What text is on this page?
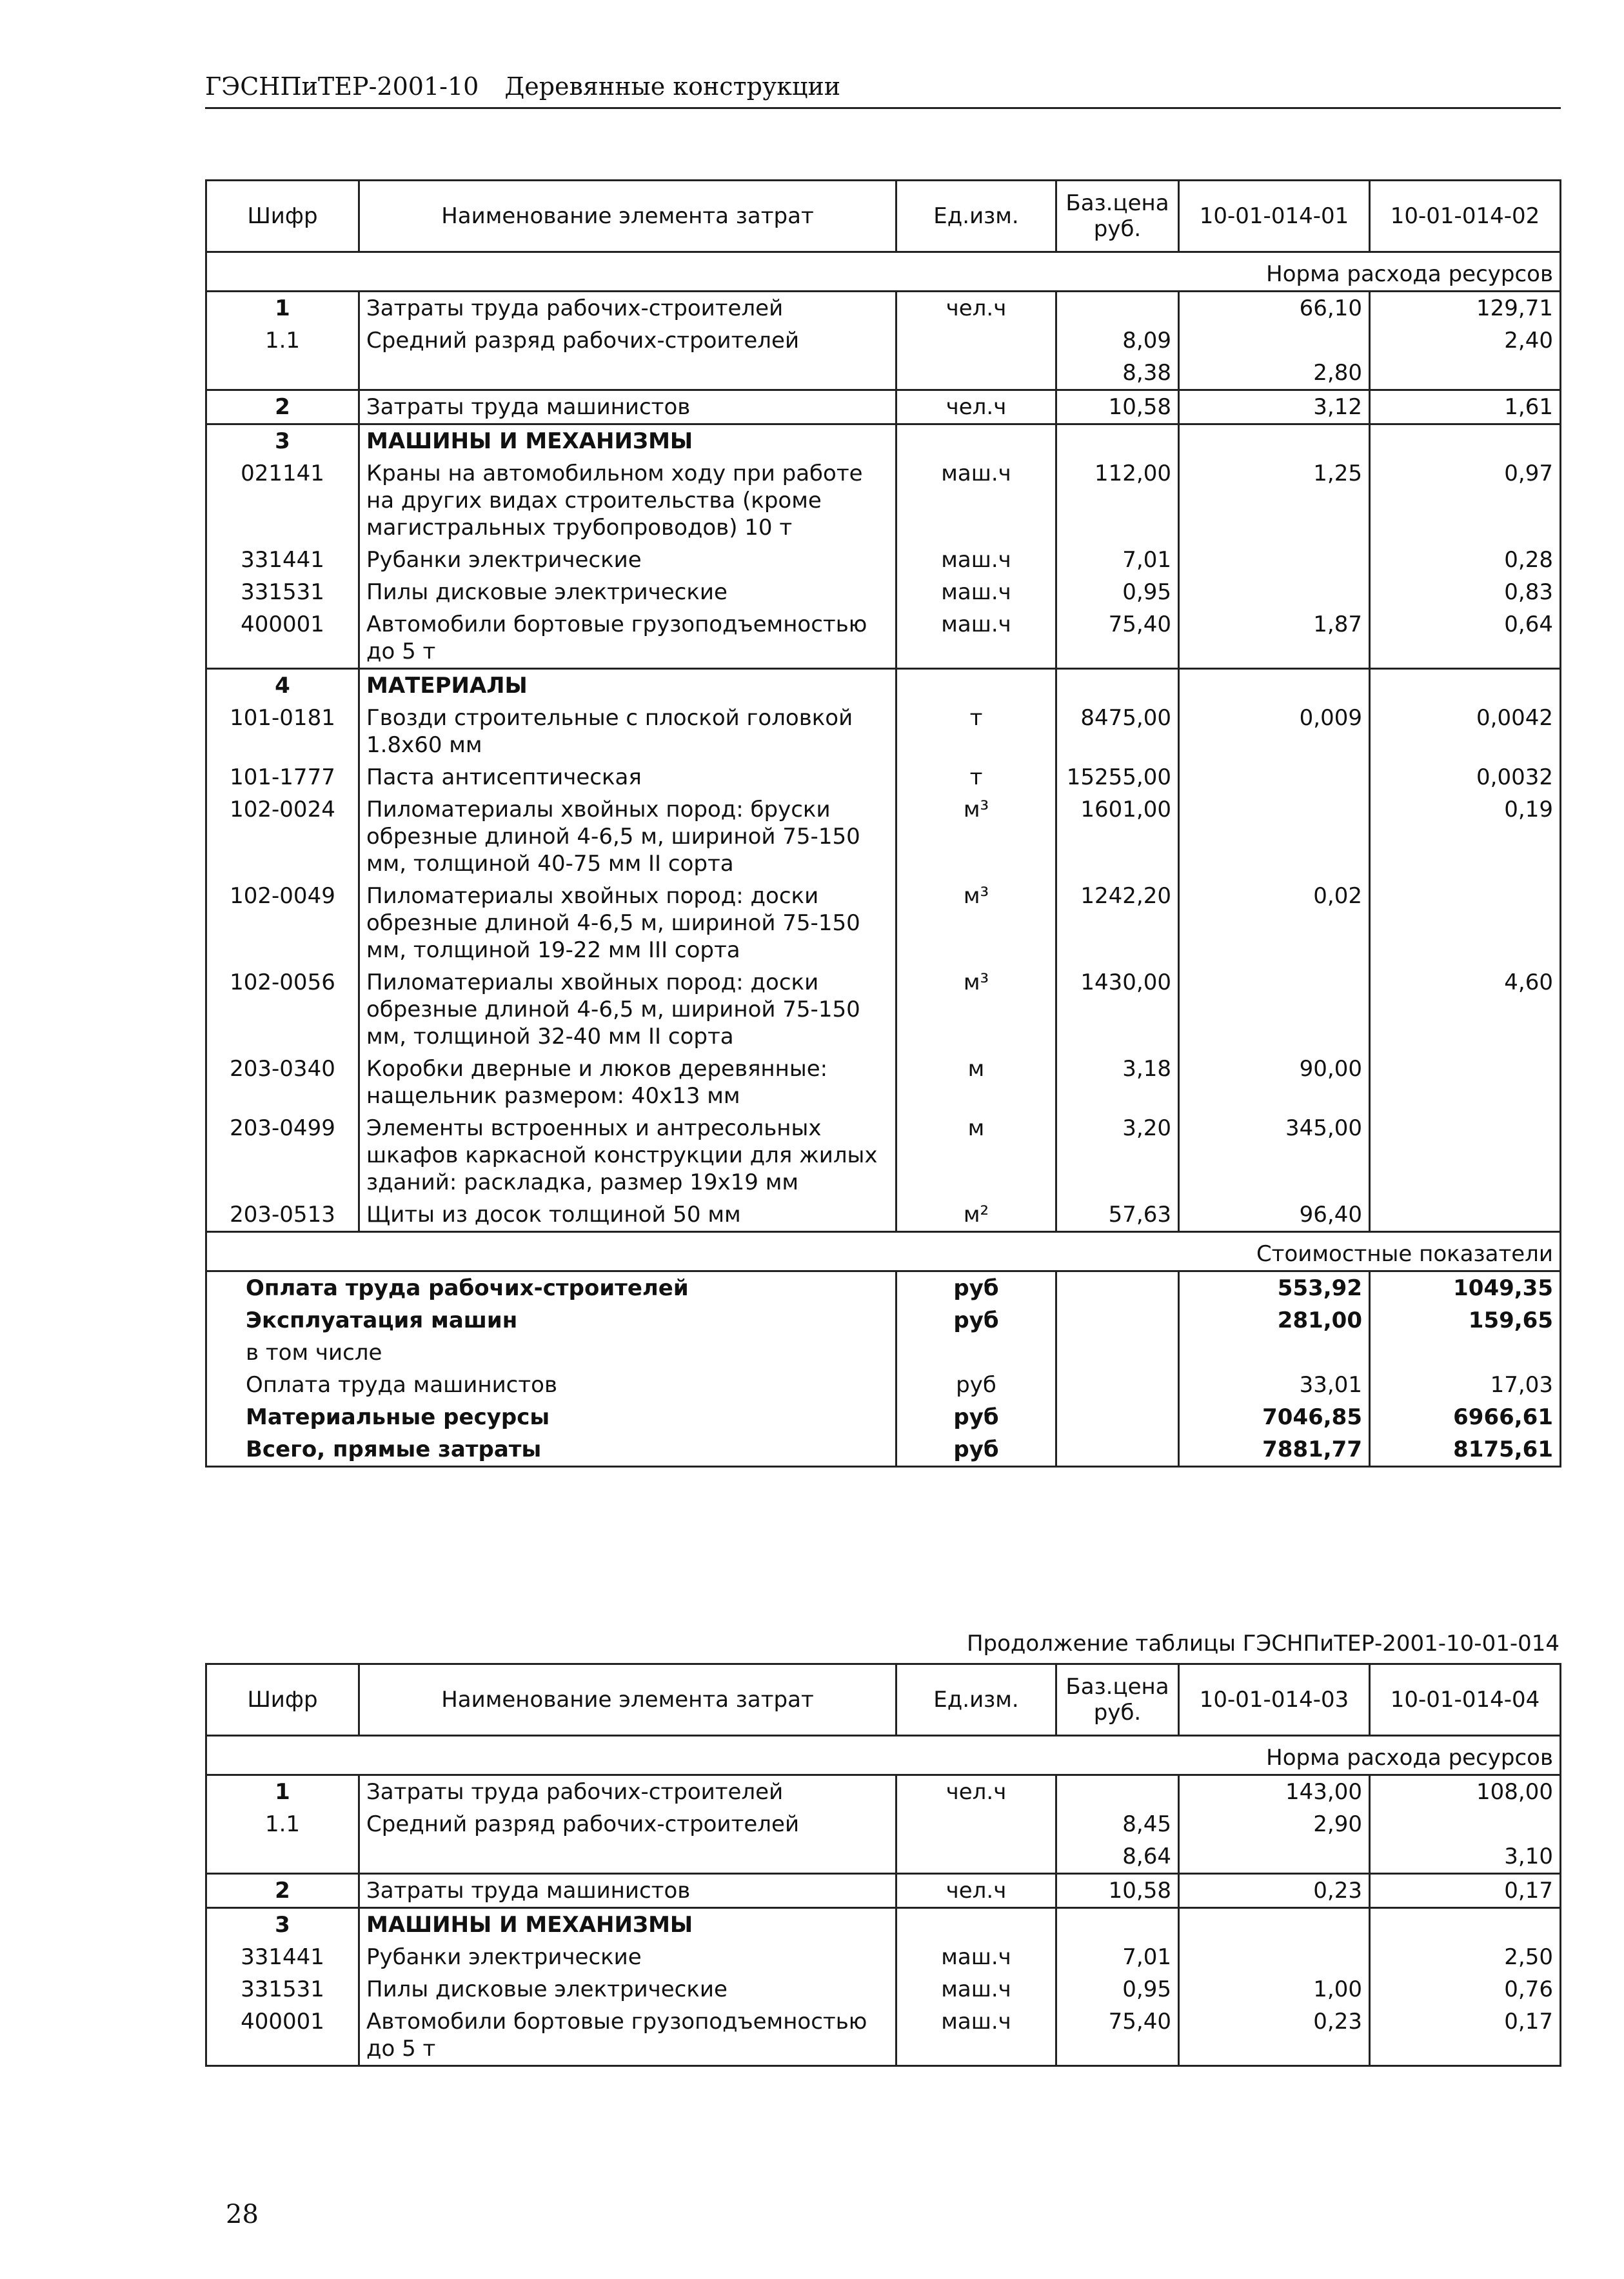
ГЭСНПиТЕР-2001-10 Деревянные конструкции
Шифр	Наименование элемента затрат	Ед.изм.	Баз.цена руб.	10-01-014-01	10-01-014-02
Норма расхода ресурсов					
1	Затраты труда рабочих-строителей	чел.ч		66,10	129,71
1.1	Средний разряд рабочих-строителей		8,09		2,40
			8,38	2,80	
2	Затраты труда машинистов	чел.ч	10,58	3,12	1,61
3	МАШИНЫ И МЕХАНИЗМЫ				
021141	Краны на автомобильном ходу при работе на других видах строительства (кроме магистральных трубопроводов) 10 т	маш.ч	112,00	1,25	0,97
331441	Рубанки электрические	маш.ч	7,01		0,28
331531	Пилы дисковые электрические	маш.ч	0,95		0,83
400001	Автомобили бортовые грузоподъемностью до 5 т	маш.ч	75,40	1,87	0,64
4	МАТЕРИАЛЫ				
101-0181	Гвозди строительные с плоской головкой 1.8х60 мм	т	8475,00	0,009	0,0042
101-1777	Паста антисептическая	т	15255,00		0,0032
102-0024	Пиломатериалы хвойных пород: бруски обрезные длиной 4-6,5 м, шириной 75-150 мм, толщиной 40-75 мм II сорта	м³	1601,00		0,19
102-0049	Пиломатериалы хвойных пород: доски обрезные длиной 4-6,5 м, шириной 75-150 мм, толщиной 19-22 мм III сорта	м³	1242,20	0,02	
102-0056	Пиломатериалы хвойных пород: доски обрезные длиной 4-6,5 м, шириной 75-150 мм, толщиной 32-40 мм II сорта	м³	1430,00		4,60
203-0340	Коробки дверные и люков деревянные: нащельник размером: 40х13 мм	м	3,18	90,00	
203-0499	Элементы встроенных и антресольных шкафов каркасной конструкции для жилых зданий: раскладка, размер 19х19 мм	м	3,20	345,00	
203-0513	Щиты из досок толщиной 50 мм	м²	57,63	96,40	
Стоимостные показатели					
Оплата труда рабочих-строителей		руб		553,92	1049,35
Эксплуатация машин		руб		281,00	159,65
в том числе					
Оплата труда машинистов		руб		33,01	17,03
Материальные ресурсы		руб		7046,85	6966,61
Всего, прямые затраты		руб		7881,77	8175,61
Продолжение таблицы ГЭСНПиТЕР-2001-10-01-014
Шифр	Наименование элемента затрат	Ед.изм.	Баз.цена руб.	10-01-014-03	10-01-014-04
Норма расхода ресурсов					
1	Затраты труда рабочих-строителей	чел.ч		143,00	108,00
1.1	Средний разряд рабочих-строителей		8,45	2,90	
			8,64		3,10
2	Затраты труда машинистов	чел.ч	10,58	0,23	0,17
3	МАШИНЫ И МЕХАНИЗМЫ				
331441	Рубанки электрические	маш.ч	7,01		2,50
331531	Пилы дисковые электрические	маш.ч	0,95	1,00	0,76
400001	Автомобили бортовые грузоподъемностью до 5 т	маш.ч	75,40	0,23	0,17
28
